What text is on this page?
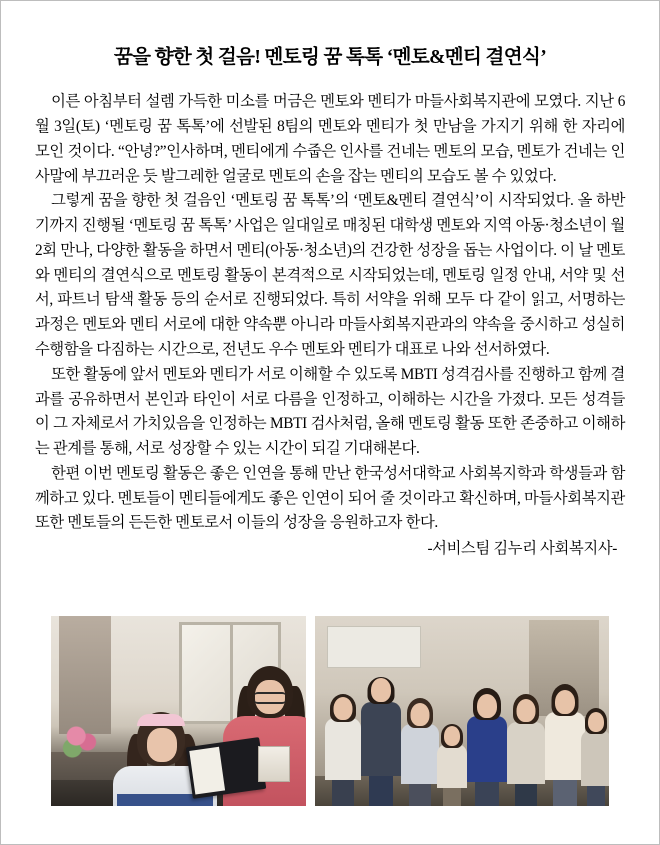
꿈을 향한 첫 걸음! 멘토링 꿈 톡톡 ‘멘토&멘티 결연식’

이른 아침부터 설렘 가득한 미소를 머금은 멘토와 멘티가 마들사회복지관에 모였다. 지난 6월 3일(토) ‘멘토링 꿈 톡톡’에 선발된 8팀의 멘토와 멘티가 첫 만남을 가지기 위해 한 자리에 모인 것이다. “안녕?”인사하며, 멘티에게 수줍은 인사를 건네는 멘토의 모습, 멘토가 건네는 인사말에 부끄러운 듯 발그레한 얼굴로 멘토의 손을 잡는 멘티의 모습도 볼 수 있었다.

그렇게 꿈을 향한 첫 걸음인 ‘멘토링 꿈 톡톡’의 ‘멘토&멘티 결연식’이 시작되었다. 올 하반기까지 진행될 ‘멘토링 꿈 톡톡’ 사업은 일대일로 매칭된 대학생 멘토와 지역 아동·청소년이 월 2회 만나, 다양한 활동을 하면서 멘티(아동·청소년)의 건강한 성장을 돕는 사업이다. 이 날 멘토와 멘티의 결연식으로 멘토링 활동이 본격적으로 시작되었는데, 멘토링 일정 안내, 서약 및 선서, 파트너 탐색 활동 등의 순서로 진행되었다. 특히 서약을 위해 모두 다 같이 읽고, 서명하는 과정은 멘토와 멘티 서로에 대한 약속뿐 아니라 마들사회복지관과의 약속을 중시하고 성실히 수행함을 다짐하는 시간으로, 전년도 우수 멘토와 멘티가 대표로 나와 선서하였다.

또한 활동에 앞서 멘토와 멘티가 서로 이해할 수 있도록 MBTI 성격검사를 진행하고 함께 결과를 공유하면서 본인과 타인이 서로 다름을 인정하고, 이해하는 시간을 가졌다. 모든 성격들이 그 자체로서 가치있음을 인정하는 MBTI 검사처럼, 올해 멘토링 활동 또한 존중하고 이해하는 관계를 통해, 서로 성장할 수 있는 시간이 되길 기대해본다.

한편 이번 멘토링 활동은 좋은 인연을 통해 만난 한국성서대학교 사회복지학과 학생들과 함께하고 있다. 멘토들이 멘티들에게도 좋은 인연이 되어 줄 것이라고 확신하며, 마들사회복지관 또한 멘토들의 든든한 멘토로서 이들의 성장을 응원하고자 한다.

-서비스팀 김누리 사회복지사-
